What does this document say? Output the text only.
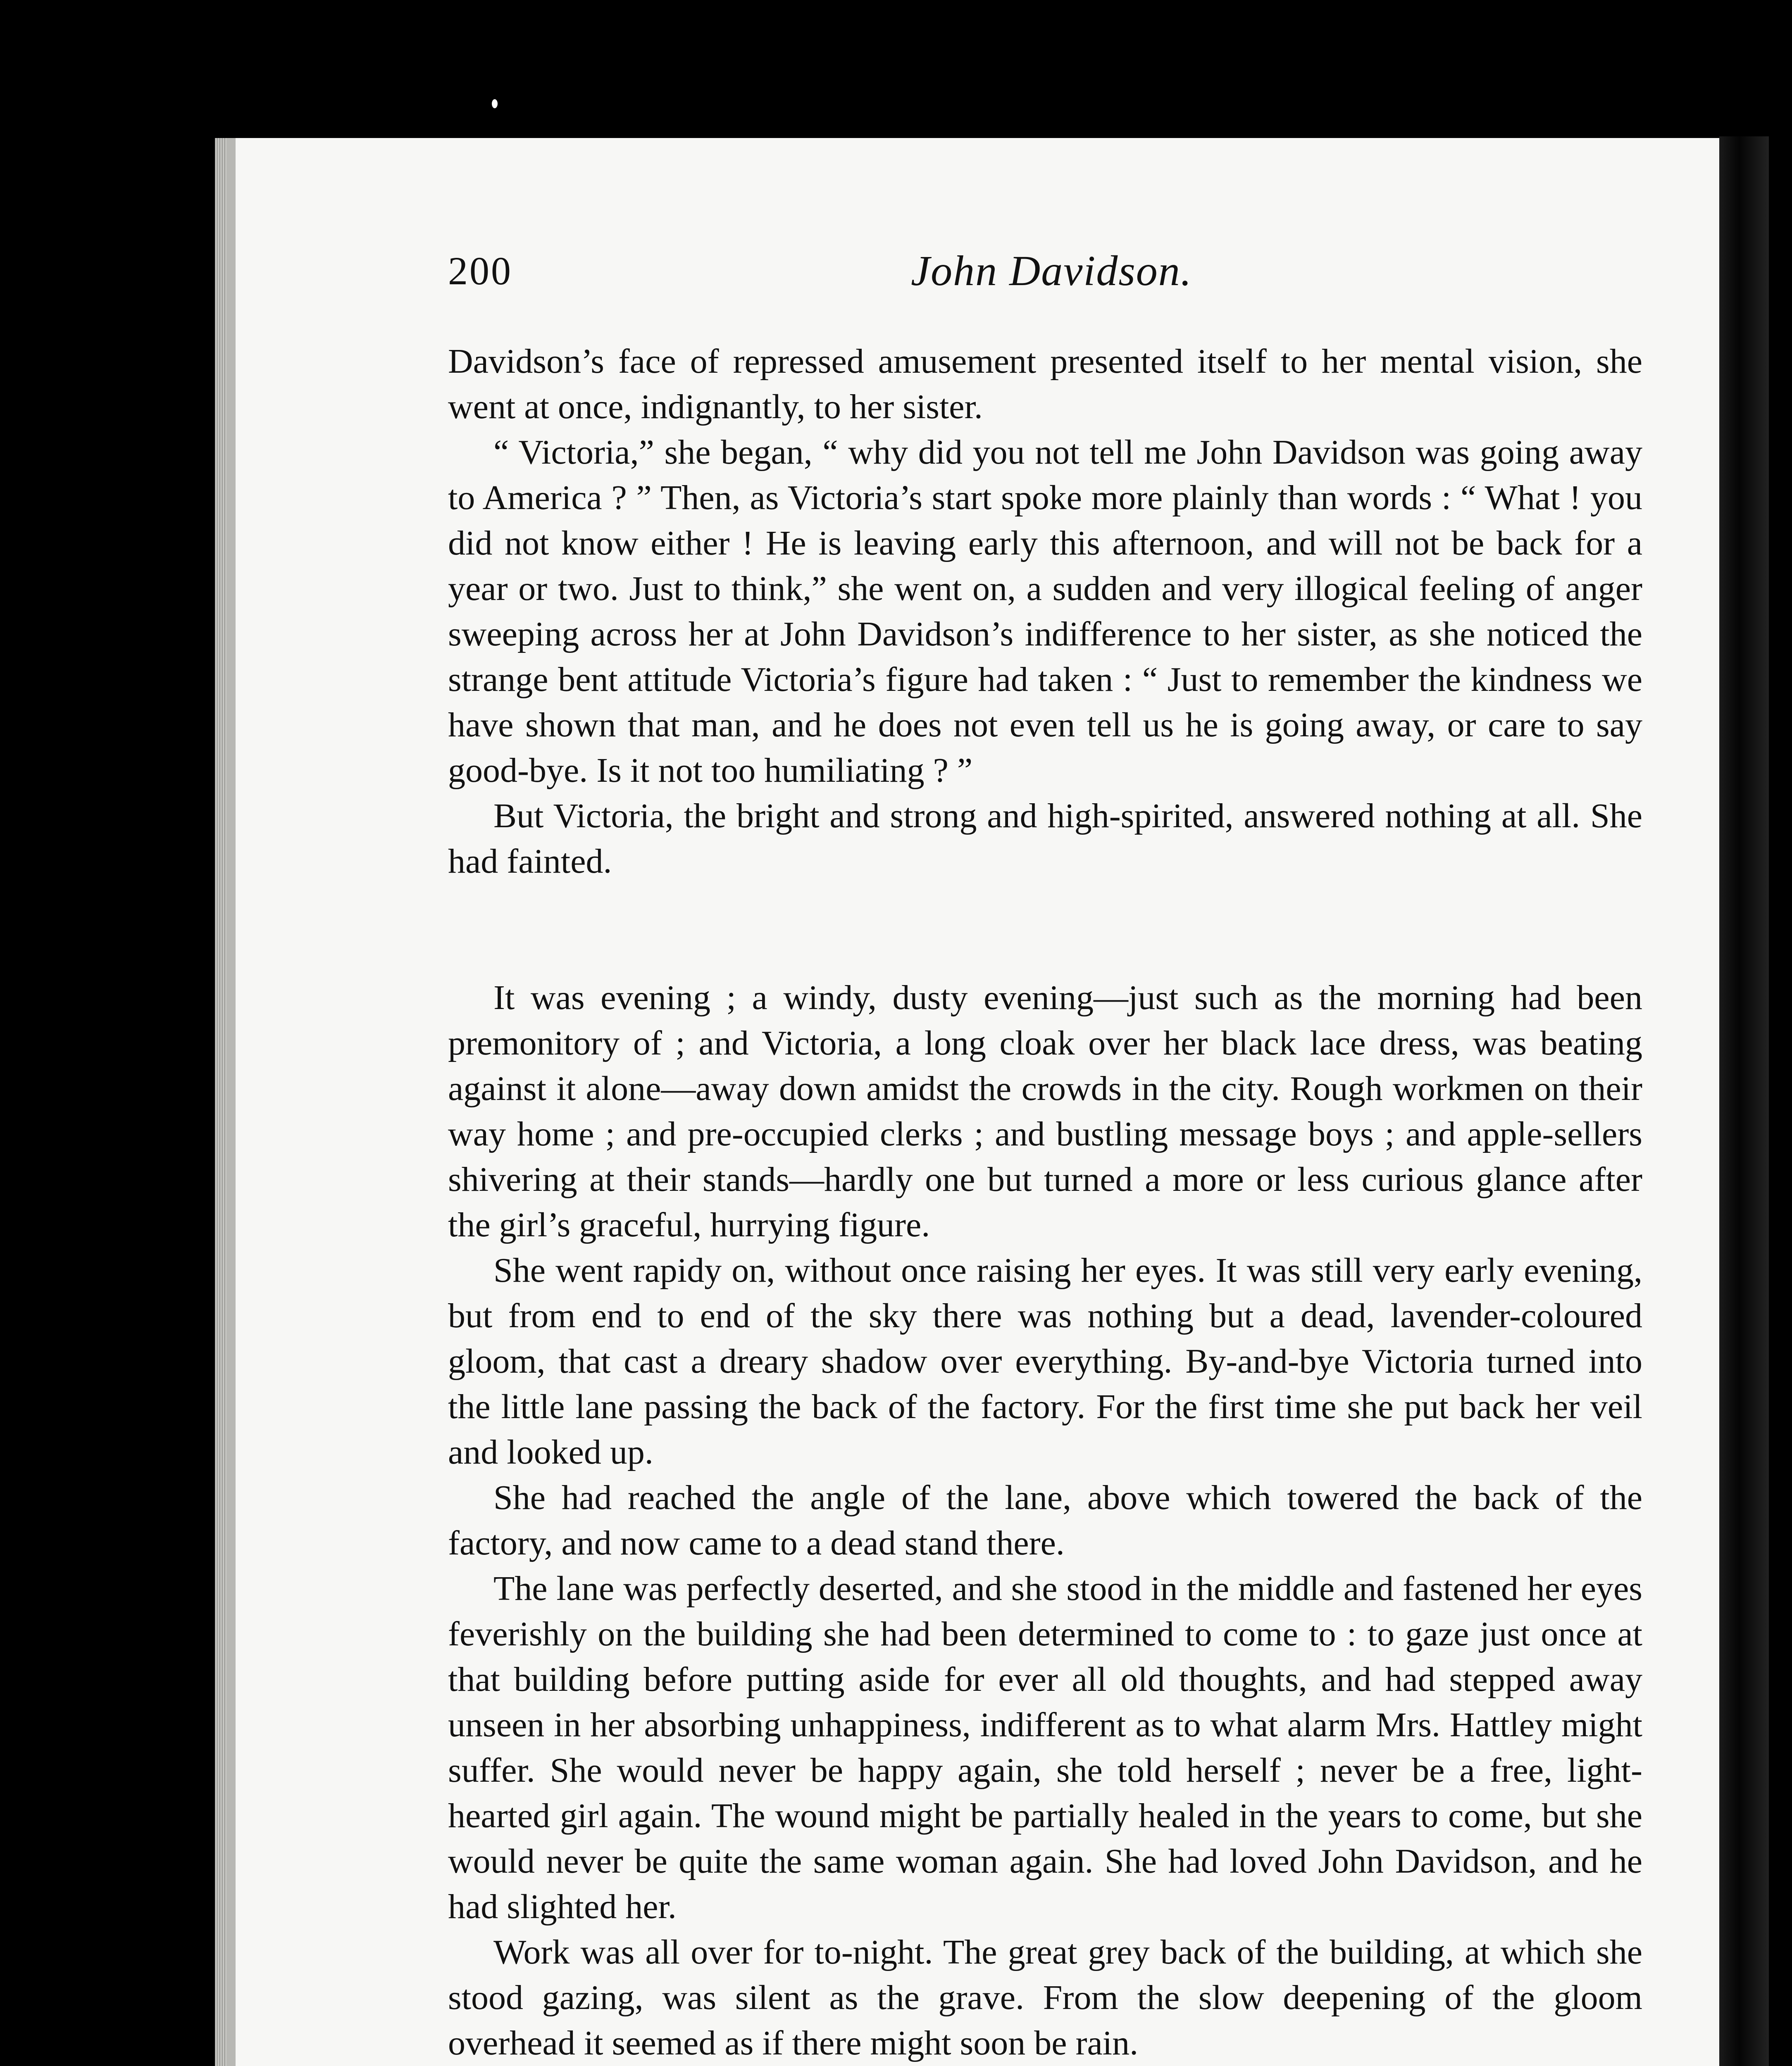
200	John Davidson.

Davidson’s face of repressed amusement presented itself to her mental vision, she went at once, indignantly, to her sister.

“ Victoria,” she began, “ why did you not tell me John Davidson was going away to America ? ” Then, as Victoria’s start spoke more plainly than words : “ What ! you did not know either ! He is leaving early this afternoon, and will not be back for a year or two. Just to think,” she went on, a sudden and very illogical feeling of anger sweeping across her at John Davidson’s indifference to her sister, as she noticed the strange bent attitude Victoria’s figure had taken : “ Just to remember the kindness we have shown that man, and he does not even tell us he is going away, or care to say good-bye. Is it not too humiliating ? ”

But Victoria, the bright and strong and high-spirited, answered nothing at all. She had fainted.

It was evening ; a windy, dusty evening—just such as the morning had been premonitory of ; and Victoria, a long cloak over her black lace dress, was beating against it alone—away down amidst the crowds in the city. Rough workmen on their way home ; and pre-occupied clerks ; and bustling message boys ; and apple-sellers shivering at their stands—hardly one but turned a more or less curious glance after the girl’s graceful, hurrying figure.

She went rapidy on, without once raising her eyes. It was still very early evening, but from end to end of the sky there was nothing but a dead, lavender-coloured gloom, that cast a dreary shadow over everything. By-and-bye Victoria turned into the little lane passing the back of the factory. For the first time she put back her veil and looked up.

She had reached the angle of the lane, above which towered the back of the factory, and now came to a dead stand there.

The lane was perfectly deserted, and she stood in the middle and fastened her eyes feverishly on the building she had been determined to come to : to gaze just once at that building before putting aside for ever all old thoughts, and had stepped away unseen in her absorbing unhappiness, indifferent as to what alarm Mrs. Hattley might suffer. She would never be happy again, she told herself ; never be a free, light-hearted girl again. The wound might be partially healed in the years to come, but she would never be quite the same woman again. She had loved John Davidson, and he had slighted her.

Work was all over for to-night. The great grey back of the building, at which she stood gazing, was silent as the grave. From the slow deepening of the gloom overhead it seemed as if there might soon be rain.
